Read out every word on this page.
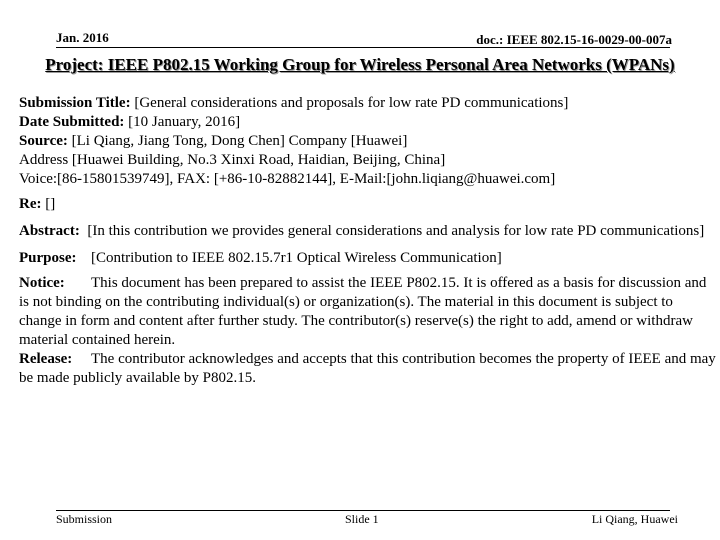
Jan. 2016	doc.: IEEE 802.15-16-0029-00-007a
Project: IEEE P802.15 Working Group for Wireless Personal Area Networks (WPANs)

Submission Title: [General considerations and proposals for low rate PD communications]

Date Submitted: [10 January, 2016]

Source: [Li Qiang, Jiang Tong, Dong Chen] Company [Huawei]

Address [Huawei Building, No.3 Xinxi Road, Haidian, Beijing, China]

Voice:[86-15801539749], FAX: [+86-10-82882144], E-Mail:[john.liqiang@huawei.com]

Re: []

Abstract: [In this contribution we provides general considerations and analysis for low rate PD communications]

Purpose: [Contribution to IEEE 802.15.7r1 Optical Wireless Communication]

Notice: This document has been prepared to assist the IEEE P802.15. It is offered as a basis for discussion and is not binding on the contributing individual(s) or organization(s). The material in this document is subject to change in form and content after further study. The contributor(s) reserve(s) the right to add, amend or withdraw material contained herein.

Release: The contributor acknowledges and accepts that this contribution becomes the property of IEEE and may be made publicly available by P802.15.

Submission	Slide 1	Li Qiang, Huawei
